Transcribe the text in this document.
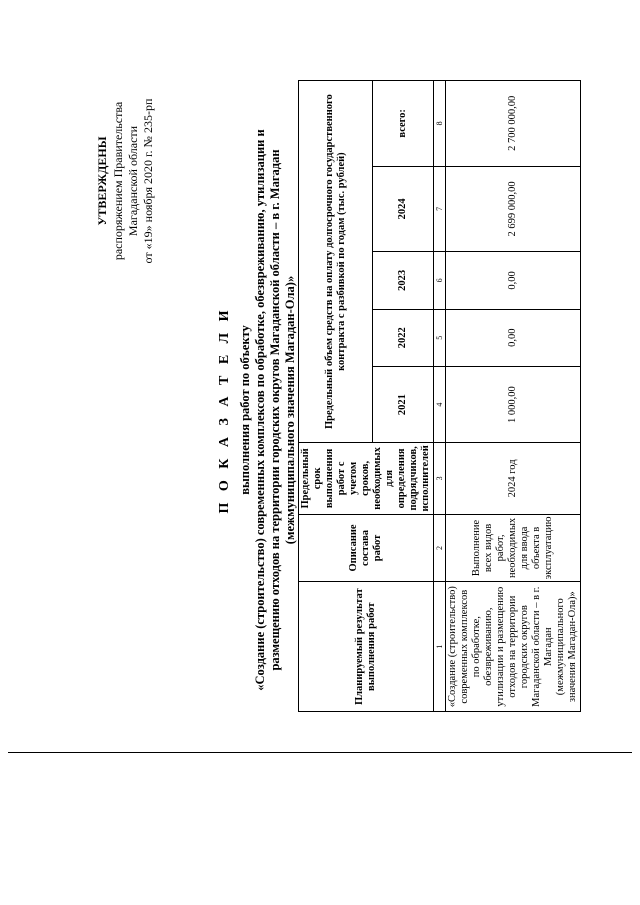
УТВЕРЖДЕНЫ распоряжением Правительства Магаданской области от «19» ноября 2020 г. № 235-рп
П О К А З А Т Е Л И выполнения работ по объекту «Создание (строительство) современных комплексов по обработке, обезвреживанию, утилизации и размещению отходов на территории городских округов Магаданской области – в г. Магадан (межмуниципального значения Магадан-Ола)»
Планируемый результат выполнения работ	Описание состава работ	Предельный срок выполнения работ с учетом сроков, необходимых для определения подрядчиков, исполнителей	Предельный объем средств на оплату долгосрочного государственного контракта с разбивкой по годам (тыс. рублей)				
			2021	2022	2023	2024	всего:
1	2	3	4	5	6	7	8
«Создание (строительство) современных комплексов по обработке, обезвреживанию, утилизации и размещению отходов на территории городских округов Магаданской области – в г. Магадан (межмуниципального значения Магадан-Ола)»	Выполнение всех видов работ, необходимых для ввода объекта в эксплуатацию	2024 год	1 000,00	0,00	0,00	2 699 000,00	2 700 000,00
